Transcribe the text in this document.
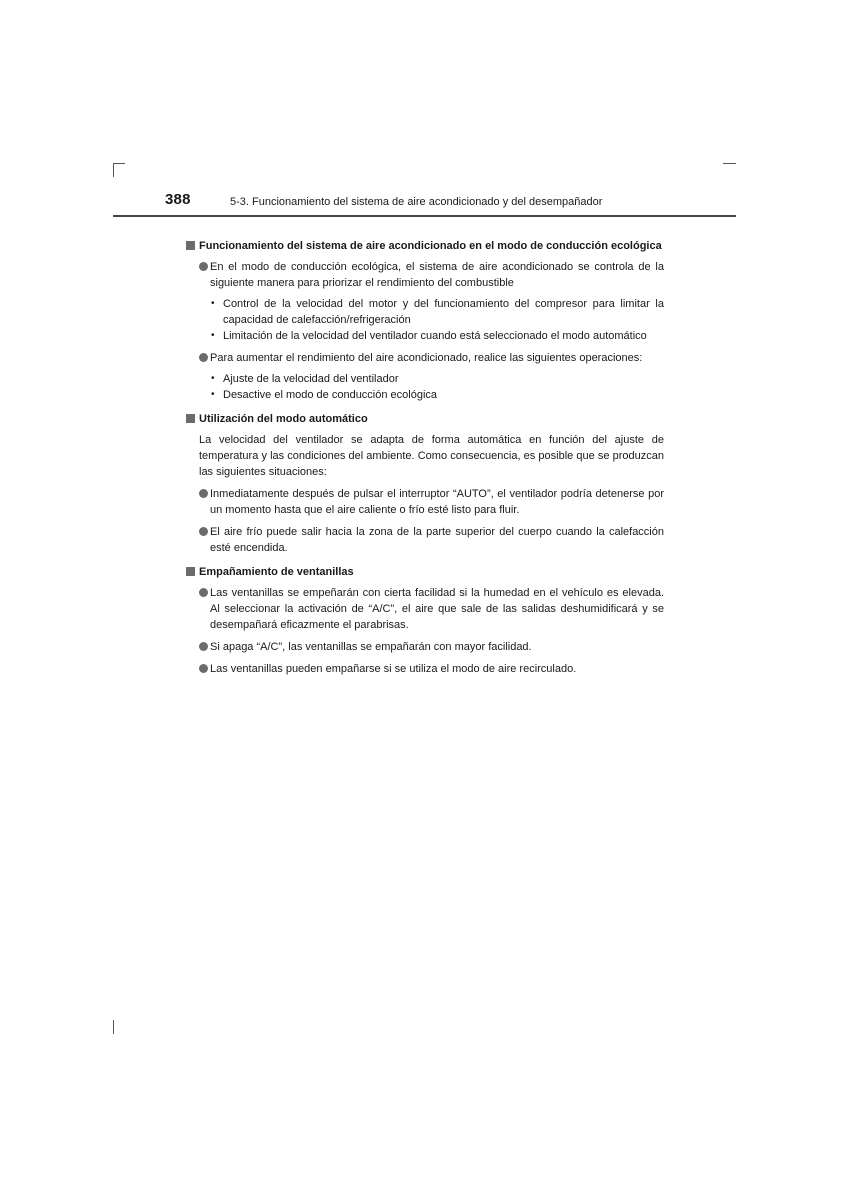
388	5-3. Funcionamiento del sistema de aire acondicionado y del desempañador
Funcionamiento del sistema de aire acondicionado en el modo de conducción ecológica
En el modo de conducción ecológica, el sistema de aire acondicionado se controla de la siguiente manera para priorizar el rendimiento del combustible
• Control de la velocidad del motor y del funcionamiento del compresor para limitar la capacidad de calefacción/refrigeración
• Limitación de la velocidad del ventilador cuando está seleccionado el modo automático
Para aumentar el rendimiento del aire acondicionado, realice las siguientes operaciones:
• Ajuste de la velocidad del ventilador
• Desactive el modo de conducción ecológica
Utilización del modo automático
La velocidad del ventilador se adapta de forma automática en función del ajuste de temperatura y las condiciones del ambiente. Como consecuencia, es posible que se produzcan las siguientes situaciones:
Inmediatamente después de pulsar el interruptor “AUTO”, el ventilador podría detenerse por un momento hasta que el aire caliente o frío esté listo para fluir.
El aire frío puede salir hacia la zona de la parte superior del cuerpo cuando la calefacción esté encendida.
Empañamiento de ventanillas
Las ventanillas se empeñarán con cierta facilidad si la humedad en el vehículo es elevada. Al seleccionar la activación de “A/C”, el aire que sale de las salidas deshumidificará y se desempañará eficazmente el parabrisas.
Si apaga “A/C”, las ventanillas se empañarán con mayor facilidad.
Las ventanillas pueden empañarse si se utiliza el modo de aire recirculado.
